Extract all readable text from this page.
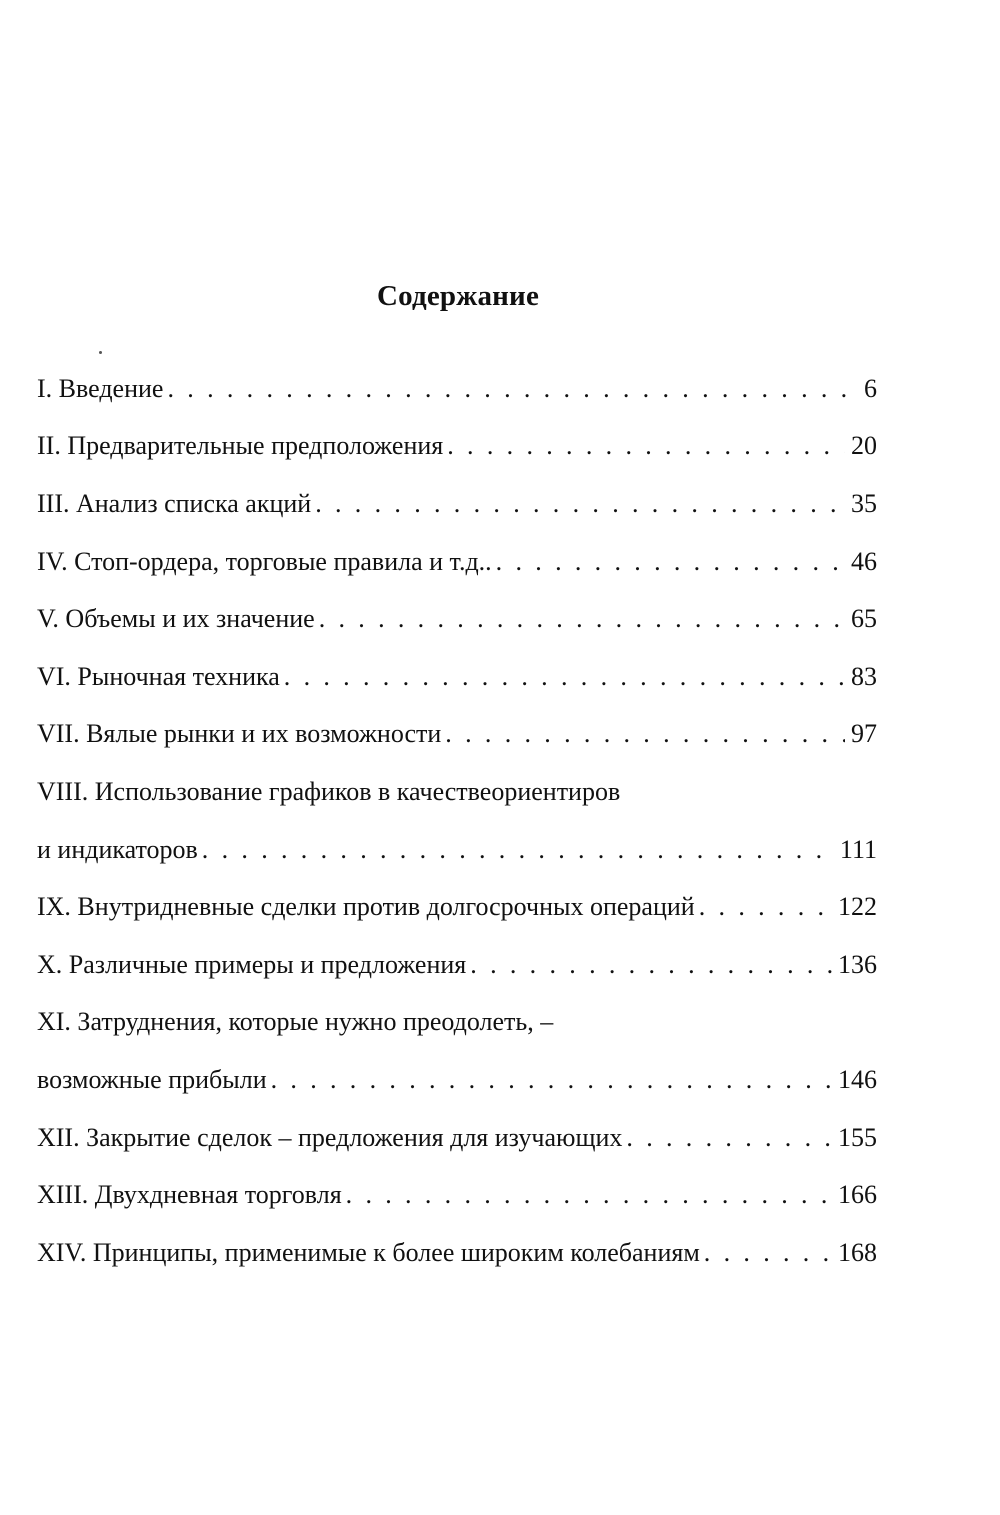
Содержание
I. Введение . . .	6
II. Предварительные предположения . . .	20
III. Анализ списка акций . . .	35
IV. Стоп-ордера, торговые правила и т.д.. . . .	46
V. Объемы и их значение . . .	65
VI. Рыночная техника . . .	83
VII. Вялые рынки и их возможности . . .	97
VIII. Использование графиков в качествеориентиров
и индикаторов . . .	111
IX. Внутридневные сделки против долгосрочных операций . . .	122
X. Различные примеры и предложения . . .	136
XI. Затруднения, которые нужно преодолеть, –
возможные прибыли . . .	146
XII. Закрытие сделок – предложения для изучающих . . .	155
XIII. Двухдневная торговля . . .	166
XIV. Принципы, применимые к более широким колебаниям . . .	168
